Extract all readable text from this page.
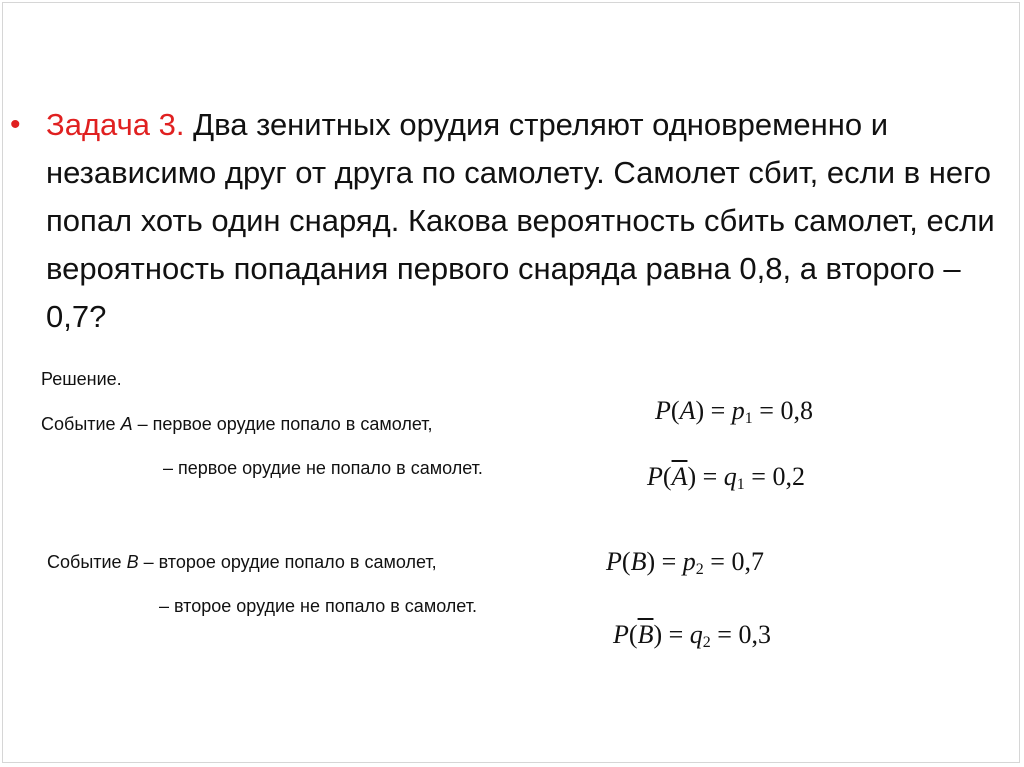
• Задача 3. Два зенитных орудия стреляют одновременно и независимо друг от друга по самолету. Самолет сбит, если в него попал хоть один снаряд. Какова вероятность сбить самолет, если вероятность попадания первого снаряда равна 0,8, а второго – 0,7?
Решение.
Событие A – первое орудие попало в самолет,
– первое орудие не попало в самолет.
Событие B – второе орудие попало в самолет,
– второе орудие не попало в самолет.
$P(A) = p_1 = 0,8$
$P(\overline{A}) = q_1 = 0,2$
$P(B) = p_2 = 0,7$
$P(\overline{B}) = q_2 = 0,3$
